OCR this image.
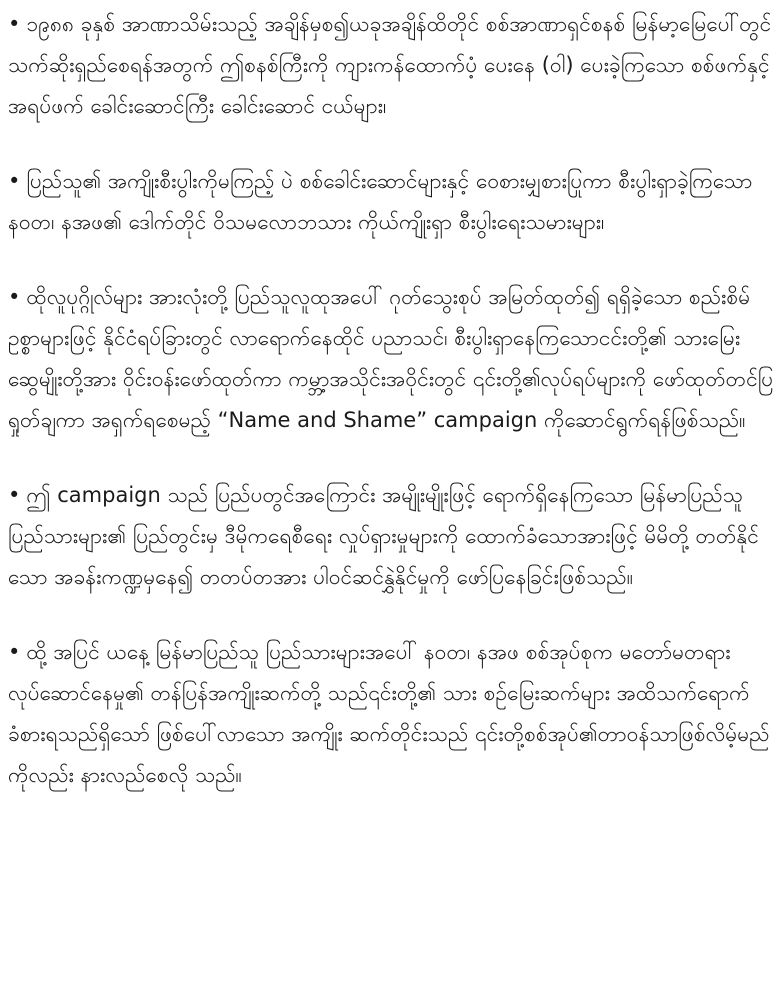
• ၁၉၈၈ ခုနှစ် အာဏာသိမ်းသည့် အချိန်မှစ၍ယခုအချိန်ထိတိုင် စစ်အာဏာရှင်စနစ် မြန်မာ့မြေပေါ်တွင် သက်ဆိုးရှည်စေရန်အတွက် ဤစနစ်ကြီးကို ကျားကန်ထောက်ပံ့ ပေးနေ (ဝါ) ပေးခဲ့ကြသော စစ်ဖက်နှင့်အရပ်ဖက် ခေါင်းဆောင်ကြီး ခေါင်းဆောင် ငယ်များ၊

• ပြည်သူ၏ အကျိုးစီးပွါးကိုမကြည့် ပဲ စစ်ခေါင်းဆောင်များနှင့် ဝေစားမျှစားပြုကာ စီးပွါးရှာခဲ့ကြသော န၀တ၊ နအဖ၏ ဒေါက်တိုင် ဝိသမလောဘသား ကိုယ်ကျိုးရှာ စီးပွါးရေးသမားများ၊

• ထိုလူပုဂ္ဂိုလ်များ အားလုံးတို့ ပြည်သူလူထုအပေါ် ဂုတ်သွေးစုပ် အမြတ်ထုတ်၍ ရရှိခဲ့သော စည်းစိမ်ဥစ္စာများဖြင့် နိုင်ငံရပ်ခြားတွင် လာရောက်နေထိုင် ပညာသင်၊ စီးပွါးရှာနေကြသောငင်းတို့၏ သားမြေး ဆွေမျိုးတို့အား ဝိုင်းဝန်းဖော်ထုတ်ကာ ကမ္ဘာ့အသိုင်းအဝိုင်းတွင် ၎င်းတို့၏လုပ်ရပ်များကို ဖော်ထုတ်တင်ပြ ရှုတ်ချကာ အရှက်ရစေမည့် “Name and Shame” campaign ကိုဆောင်ရွက်ရန်ဖြစ်သည်။

• ဤ campaign သည် ပြည်ပတွင်အကြောင်း အမျိုးမျိုးဖြင့် ရောက်ရှိနေကြသော မြန်မာပြည်သူ ပြည်သားများ၏ ပြည်တွင်းမှ ဒီမိုကရေစီရေး လှုပ်ရှားမှုများကို ထောက်ခံသောအားဖြင့် မိမိတို့ တတ်နိုင်သော အခန်းကဏ္ဍမှနေ၍ တတပ်တအား ပါဝင်ဆင်နွှဲနိုင်မှုကို ဖော်ပြနေခြင်းဖြစ်သည်။

• ထို့ အပြင် ယနေ့ မြန်မာပြည်သူ ပြည်သားများအပေါ် န၀တ၊ နအဖ စစ်အုပ်စုက မတော်မတရား လုပ်ဆောင်နေမှု၏ တန်ပြန်အကျိုးဆက်တို့ သည်၎င်းတို့၏ သား စဉ်မြေးဆက်များ အထိသက်ရောက် ခံစားရသည်ရှိသော် ဖြစ်ပေါ်လာသော အကျိုး ဆက်တိုင်းသည် ၎င်းတို့စစ်အုပ်၏တာဝန်သာဖြစ်လိမ့်မည်ကိုလည်း နားလည်စေလို သည်။
